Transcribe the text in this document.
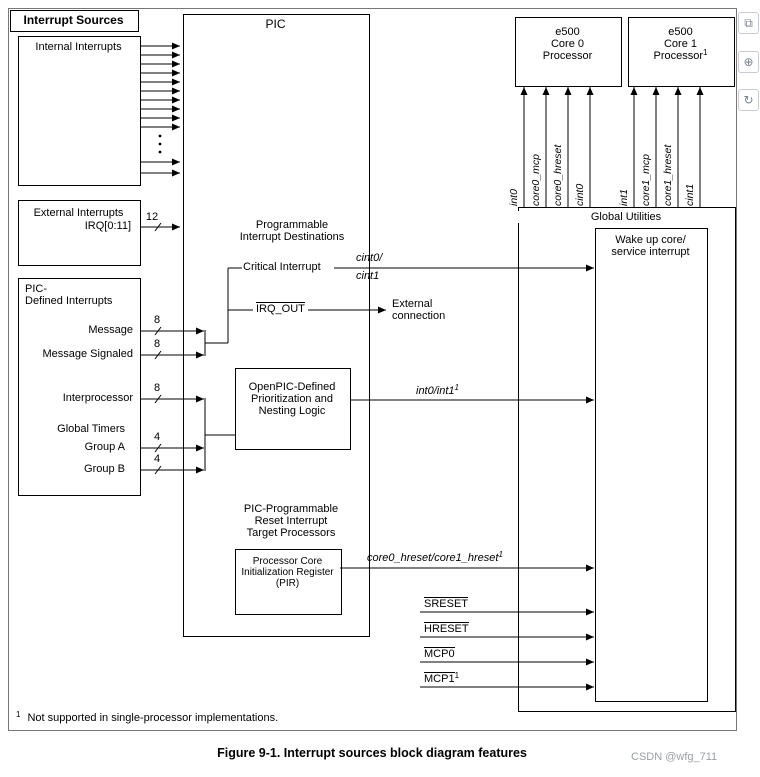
Interrupt Sources
Internal Interrupts
External Interrupts
IRQ[0:11]
PIC-
Defined Interrupts
Message
Message Signaled
Interprocessor
Global Timers
Group A
Group B
12
8
8
8
4
4
PIC
Programmable
Interrupt Destinations
Critical Interrupt
cint0/
cint1
IRQ_OUT	External
connection
OpenPIC-Defined
Prioritization and
Nesting Logic
$int0/int1^1$
PIC-Programmable
Reset Interrupt
Target Processors
Processor Core
Initialization Register
(PIR)
core0_hreset/core1_hreset$^1$
SRESET
HRESET
MCP0
$MCP1^1$
Global Utilities
Wake up core/
service interrupt
e500
Core 0
Processor
e500
Core 1
Processor$^1$
int0 core0_mcp core0_hreset cint0	int1 core1_mcp core1_hreset cint1
$^1$ Not supported in single-processor implementations.
Figure 9-1. Interrupt sources block diagram features	CSDN @wfg_711
⧉
⊕
↻
